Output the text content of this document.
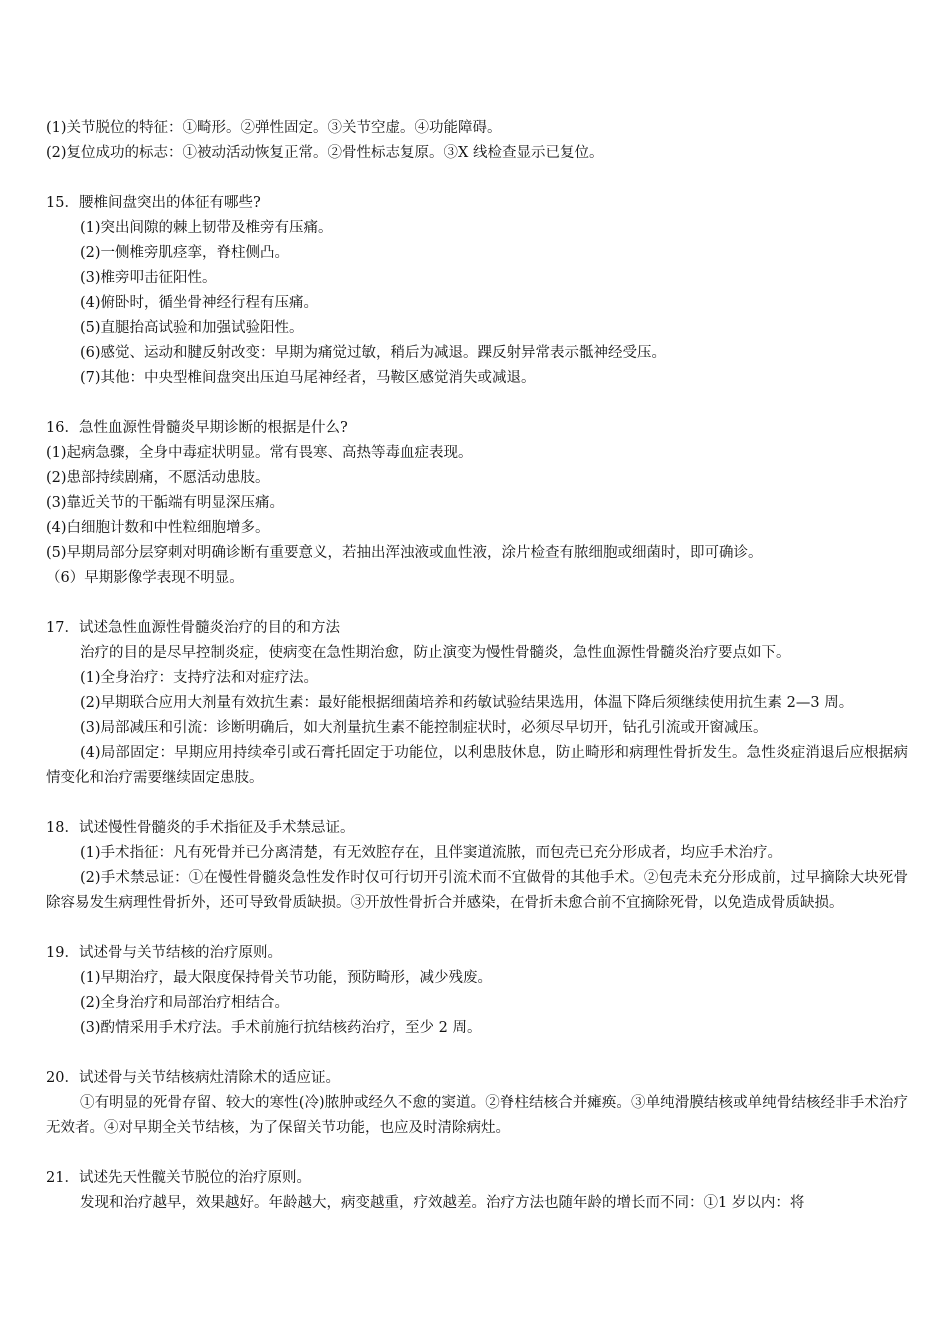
(1)关节脱位的特征：①畸形。②弹性固定。③关节空虚。④功能障碍。
(2)复位成功的标志：①被动活动恢复正常。②骨性标志复原。③X 线检查显示已复位。
15．腰椎间盘突出的体征有哪些?
(1)突出间隙的棘上韧带及椎旁有压痛。
(2)一侧椎旁肌痉挛，脊柱侧凸。
(3)椎旁叩击征阳性。
(4)俯卧时，循坐骨神经行程有压痛。
(5)直腿抬高试验和加强试验阳性。
(6)感觉、运动和腱反射改变：早期为痛觉过敏，稍后为减退。踝反射异常表示骶神经受压。
(7)其他：中央型椎间盘突出压迫马尾神经者，马鞍区感觉消失或减退。
16．急性血源性骨髓炎早期诊断的根据是什么?
(1)起病急骤，全身中毒症状明显。常有畏寒、高热等毒血症表现。
(2)患部持续剧痛，不愿活动患肢。
(3)靠近关节的干骺端有明显深压痛。
(4)白细胞计数和中性粒细胞增多。
(5)早期局部分层穿刺对明确诊断有重要意义，若抽出浑浊液或血性液，涂片检查有脓细胞或细菌时，即可确诊。
（6）早期影像学表现不明显。
17．试述急性血源性骨髓炎治疗的目的和方法
治疗的目的是尽早控制炎症，使病变在急性期治愈，防止演变为慢性骨髓炎，急性血源性骨髓炎治疗要点如下。
(1)全身治疗：支持疗法和对症疗法。
(2)早期联合应用大剂量有效抗生素：最好能根据细菌培养和药敏试验结果选用，体温下降后须继续使用抗生素 2—3 周。
(3)局部减压和引流：诊断明确后，如大剂量抗生素不能控制症状时，必须尽早切开，钻孔引流或开窗减压。
(4)局部固定：早期应用持续牵引或石膏托固定于功能位，以利患肢休息，防止畸形和病理性骨折发生。急性炎症消退后应根据病情变化和治疗需要继续固定患肢。
18．试述慢性骨髓炎的手术指征及手术禁忌证。
(1)手术指征：凡有死骨并已分离清楚，有无效腔存在，且伴窦道流脓，而包壳已充分形成者，均应手术治疗。
(2)手术禁忌证：①在慢性骨髓炎急性发作时仅可行切开引流术而不宜做骨的其他手术。②包壳未充分形成前，过早摘除大块死骨除容易发生病理性骨折外，还可导致骨质缺损。③开放性骨折合并感染，在骨折未愈合前不宜摘除死骨，以免造成骨质缺损。
19．试述骨与关节结核的治疗原则。
(1)早期治疗，最大限度保持骨关节功能，预防畸形，减少残废。
(2)全身治疗和局部治疗相结合。
(3)酌情采用手术疗法。手术前施行抗结核药治疗，至少 2 周。
20．试述骨与关节结核病灶清除术的适应证。
①有明显的死骨存留、较大的寒性(冷)脓肿或经久不愈的窦道。②脊柱结核合并瘫痪。③单纯滑膜结核或单纯骨结核经非手术治疗无效者。④对早期全关节结核，为了保留关节功能，也应及时清除病灶。
21．试述先天性髋关节脱位的治疗原则。
发现和治疗越早，效果越好。年龄越大，病变越重，疗效越差。治疗方法也随年龄的增长而不同：①1 岁以内：将
